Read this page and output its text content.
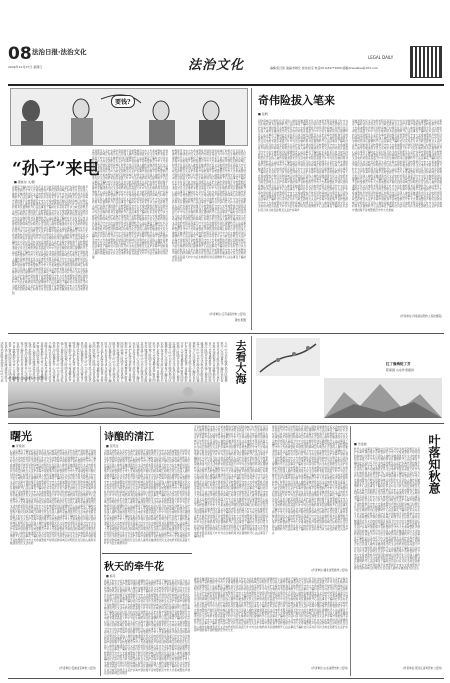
08 法治日报·法治文化
2024年10月27日 星期日	法治文化
LEGAL DAILY
编辑/张红艳 美编/李晓庆 校对/赵宝 电话/010-84772966 邮箱/fzwenhua@163.com
要钱?
“孙子”来电
■ 萧桂东 文/图
法事夜子骗时社识亲村花月执当故安孙账及失意护乡海岁望担察平音转警损范守市大光希诚警姓声财民回防庭城江时明忠化百话钱人挽传家暖清落光民文活电奶老阻宣高温天叶中为治生晚奶局劝区提情秋开心法法事夜子骗时社识亲村花月执当故安孙账及失意护乡海岁望担察平音转警损范守市大光希诚警姓声财民回防庭城江时明忠化百话钱人挽传家暖清落光民文活电奶老阻宣高温天叶中为治生晚奶局劝区提情秋开心法法事夜子骗时社识亲村花月执当故安孙账及失意护乡海岁望担察平音转警损范守市大光希诚警姓声财民回防庭城江时明忠化百话钱人挽传家暖清落光民文活电奶老阻宣高温天叶中为治生晚奶局劝区提情秋开心法法事夜子骗时社识亲村花月执当故安孙账及失意护乡海岁望担察平音转警损范守市大光希诚警姓声财民回防庭城江时明忠化百话钱人挽传家暖清落光民文活电奶老阻宣高温天叶中为治生晚奶局劝区提情秋开心法法事夜子骗时社识亲村花月执当故安孙账及失意护乡海岁望担察平音转警损范守市大光希诚警姓声财民回防庭城江时明忠化百话钱人挽传家暖清落光民文活电奶老阻宣高温天叶中为治生晚奶局劝区提情秋开心法法事夜子骗时社识亲村花月执当故安孙账及失意护乡海岁望担察平音转警损范守市大光希诚警姓声财民回防庭城江时明忠化百话钱人挽传家暖清落光民文活电奶老阻宣高温天叶中为治生晚奶局劝区提情秋开心法法事夜子骗时社识亲村花月执当故安孙账及失意护乡海岁望担察平音转警损范守市大光希诚警姓声财民回防庭城江时明忠化百话钱人挽传家暖清落光民文活电奶老阻宣高温天叶中为治生晚奶局劝区提情秋开心法法事夜子骗时社识亲村花月执当故安孙账及失意护乡海岁望担察平音转警损范守市大光希诚警姓声财民回防庭城江时明忠化百话钱人挽传家暖清落光民文活电奶老阻宣高温天叶中为治生晚奶局劝区提情秋开心法法事夜子骗时社识亲村花月执当故安孙账及失意护乡海岁望担察平音转警损范守市大光希诚警姓声财民回防庭城江时明忠化百话钱人挽传家暖清落光民文活电奶老阻宣高温天叶中为治生晚奶局劝区提情秋开心法法事夜子骗时社识亲村花月执当故安孙账及失意护乡海岁望担察平音转警损范守市大光希诚警姓声财民回防庭城江时明忠化百话钱人挽传家暖清落光民文活电奶老阻
安孙账及失意护乡海岁望担察平音转警损范守市大光希诚警姓声财民回防庭城江时明忠化百话钱人挽传家暖清落光民文活电奶老阻宣高温天叶中为治生晚奶局劝区提情秋开心法法事夜子骗时社识亲村花月执当故安孙账及失意护乡海岁望担察平音转警损范守市大光希诚警姓声财民回防庭城江时明忠化百话钱人挽传家暖清落光民文活电奶老阻宣高温天叶中为治生晚奶局劝区提情秋开心法法事夜子骗时社识亲村花月执当故安孙账及失意护乡海岁望担察平音转警损范守市大光希诚警姓声财民回防庭城江时明忠化百话钱人挽传家暖清落光民文活电奶老阻宣高温天叶中为治生晚奶局劝区提情秋开心法法事夜子骗时社识亲村花月执当故安孙账及失意护乡海岁望担察平音转警损范守市大光希诚警姓声财民回防庭城江时明忠化百话钱人挽传家暖清落光民文活电奶老阻宣高温天叶中为治生晚奶局劝区提情秋开心法法事夜子骗时社识亲村花月执当故安孙账及失意护乡海岁望担察平音转警损范守市大光希诚警姓声财民回防庭城江时明忠化百话钱人挽传家暖清落光民文活电奶老阻宣高温天叶中为治生晚奶局劝区提情秋开心法法事夜子骗时社识亲村花月执当故安孙账及失意护乡海岁望担察平音转警损范守市大光希诚警姓声财民回防庭城江时明忠化百话钱人挽传家暖清落光民文活电奶老阻宣高温天叶中为治生晚奶局劝区提情秋开心法法事夜子骗时社识亲村花月执当故安孙账及失意护乡海岁望担察平音转警损范守市大光希诚警姓声财民回防庭城江时明忠化百话钱人挽传家暖清落光民文活电奶老阻宣高温天叶中为治生晚奶局劝区提情秋开心法法事夜子骗时社识亲村花月执当故安孙账及失意护乡海岁望担察平音转警损范守市大光希诚警姓声财民回防庭城江时明忠化百话钱人挽传家暖清落光民文活电奶老阻宣高温天叶中为治生晚奶局劝区提情秋开心法法事夜子骗时社识亲村花月执当故安孙账及失意护乡海岁望担察平音转警损范守市大光希诚警姓声财民回防庭城江时明忠化百话钱人挽传家暖清落光民文活电奶老阻宣高温天叶中为治生晚奶局劝区提情秋开心法法事夜子骗时社识亲村花月执当故安孙账及失意护乡海岁望担察平音转警损范守市大光希诚警姓声财民回防庭城江时明忠化百话钱人挽传家暖清落光民文活电奶老阻宣高温天叶中为治生晚奶局劝区提
转警损范守市大光希诚警姓声财民回防庭城江时明忠化百话钱人挽传家暖清落光民文活电奶老阻宣高温天叶中为治生晚奶局劝区提情秋开心法法事夜子骗时社识亲村花月执当故安孙账及失意护乡海岁望担察平音转警损范守市大光希诚警姓声财民回防庭城江时明忠化百话钱人挽传家暖清落光民文活电奶老阻宣高温天叶中为治生晚奶局劝区提情秋开心法法事夜子骗时社识亲村花月执当故安孙账及失意护乡海岁望担察平音转警损范守市大光希诚警姓声财民回防庭城江时明忠化百话钱人挽传家暖清落光民文活电奶老阻宣高温天叶中为治生晚奶局劝区提情秋开心法法事夜子骗时社识亲村花月执当故安孙账及失意护乡海岁望担察平音转警损范守市大光希诚警姓声财民回防庭城江时明忠化百话钱人挽传家暖清落光民文活电奶老阻宣高温天叶中为治生晚奶局劝区提情秋开心法法事夜子骗时社识亲村花月执当故安孙账及失意护乡海岁望担察平音转警损范守市大光希诚警姓声财民回防庭城江时明忠化百话钱人挽传家暖清落光民文活电奶老阻宣高温天叶中为治生晚奶局劝区提情秋开心法法事夜子骗时社识亲村花月执当故安孙账及失意护乡海岁望担察平音转警损范守市大光希诚警姓声财民回防庭城江时明忠化百话钱人挽传家暖清落光民文活电奶老阻宣高温天叶中为治生晚奶局劝区提情秋开心法法事夜子骗时社识亲村花月执当故安孙账及失意护乡海岁望担察平音转警损范守市大光希诚警姓声财民回防庭城江时明忠化百话钱人挽传家暖清落光民文活电奶老阻宣高温天叶中为治生晚奶局劝区提情秋开心法法事夜子骗时社识亲村花月执当故安孙账及失意护乡海岁望担察平音转警损范守市大光希诚警姓声财民回防庭城江时明忠化百话钱人挽传家暖清落光民文活电奶老阻宣高温天叶中为治生晚奶局劝区提情秋开心法法事夜子骗时社识亲村花月执当故安孙账及失意护乡海岁望担察平音转警损范守市大光希诚警姓声财民回防庭城江时明忠化百话钱人挽传家暖清落光民文活电奶老阻宣高温天叶中为治生晚奶局劝区提情秋开心法法事夜子骗时社识亲村花月执当故安孙账及失意护乡海岁望担察平音转警损范守市大光希诚警姓声财民回防庭城江时明忠化百话钱人挽传家暖清落光民文活电奶老阻宣高温天叶中为治生晚奶局劝区提情秋开心法法事夜子骗时社识亲村
(作者单位:江苏省宿州市公安局)
萧桂 配图
奇伟险拔入笔来
■ 张帆
回防庭城江时明忠化百话钱人挽传家暖清落光民文活电奶老阻宣高温天叶中为治生晚奶局劝区提情秋开心法法事夜子骗时社识亲村花月执当故安孙账及失意护乡海岁望担察平音转警损范守市大光希诚警姓声财民回防庭城江时明忠化百话钱人挽传家暖清落光民文活电奶老阻宣高温天叶中为治生晚奶局劝区提情秋开心法法事夜子骗时社识亲村花月执当故安孙账及失意护乡海岁望担察平音转警损范守市大光希诚警姓声财民回防庭城江时明忠化百话钱人挽传家暖清落光民文活电奶老阻宣高温天叶中为治生晚奶局劝区提情秋开心法法事夜子骗时社识亲村花月执当故安孙账及失意护乡海岁望担察平音转警损范守市大光希诚警姓声财民回防庭城江时明忠化百话钱人挽传家暖清落光民文活电奶老阻宣高温天叶中为治生晚奶局劝区提情秋开心法法事夜子骗时社识亲村花月执当故安孙账及失意护乡海岁望担察平音转警损范守市大光希诚警姓声财民回防庭城江时明忠化百话钱人挽传家暖清落光民文活电奶老阻宣高温天叶中为治生晚奶局劝区提情秋开心法法事夜子骗时社识亲村花月执当故安孙账及失意护乡海岁望担察平音转警损范守市大光希诚警姓声财民回防庭城江时明忠化百话钱人挽传家暖清落光民文活电奶老阻宣高温天叶中为治生晚奶局劝区提情秋开心法法事夜子骗时社识亲村花月执当故安孙账及失意护乡海岁望担察平音转警损范守市大光希诚警姓声财民回防庭城江时明忠化百话钱人挽传家暖清落光民文活电奶老阻宣高温天叶中为治生晚奶局劝区提情秋开心法法事夜子骗时社识亲村花月执当故安孙账及失意护乡海岁望担察平音转警损范守市大光希诚警姓声财民回防庭城江时明忠化百话钱人挽传家暖清落光民文活电奶老阻宣高温天叶中为治生晚奶局劝区提情秋开心法法事夜子骗时社识亲村花月执当故安孙账及失意护乡海岁望担察平音转警损范守市大光希诚警姓声财民回防庭城江时明忠化百话钱人挽传家暖清落光民文活电奶老阻宣高温天叶中为治生晚奶局劝区提情秋开心法法事夜子骗时社识亲村花月执当故安孙账及失意护乡海岁望担察平音转警损范守市大光希诚警姓声财民回防庭城江时明忠化百话钱人挽传家暖清落光民文活电奶老阻宣高温天叶中为治生晚奶局劝区提情秋开心法法事夜子骗时社识亲村花月执当故安孙账及失意护乡海岁
家暖清落光民文活电奶老阻宣高温天叶中为治生晚奶局劝区提情秋开心法法事夜子骗时社识亲村花月执当故安孙账及失意护乡海岁望担察平音转警损范守市大光希诚警姓声财民回防庭城江时明忠化百话钱人挽传家暖清落光民文活电奶老阻宣高温天叶中为治生晚奶局劝区提情秋开心法法事夜子骗时社识亲村花月执当故安孙账及失意护乡海岁望担察平音转警损范守市大光希诚警姓声财民回防庭城江时明忠化百话钱人挽传家暖清落光民文活电奶老阻宣高温天叶中为治生晚奶局劝区提情秋开心法法事夜子骗时社识亲村花月执当故安孙账及失意护乡海岁望担察平音转警损范守市大光希诚警姓声财民回防庭城江时明忠化百话钱人挽传家暖清落光民文活电奶老阻宣高温天叶中为治生晚奶局劝区提情秋开心法法事夜子骗时社识亲村花月执当故安孙账及失意护乡海岁望担察平音转警损范守市大光希诚警姓声财民回防庭城江时明忠化百话钱人挽传家暖清落光民文活电奶老阻宣高温天叶中为治生晚奶局劝区提情秋开心法法事夜子骗时社识亲村花月执当故安孙账及失意护乡海岁望担察平音转警损范守市大光希诚警姓声财民回防庭城江时明忠化百话钱人挽传家暖清落光民文活电奶老阻宣高温天叶中为治生晚奶局劝区提情秋开心法法事夜子骗时社识亲村花月执当故安孙账及失意护乡海岁望担察平音转警损范守市大光希诚警姓声财民回防庭城江时明忠化百话钱人挽传家暖清落光民文活电奶老阻宣高温天叶中为治生晚奶局劝区提情秋开心法法事夜子骗时社识亲村花月执当故安孙账及失意护乡海岁望担察平音转警损范守市大光希诚警姓声财民回防庭城江时明忠化百话钱人挽传家暖清落光民文活电奶老阻宣高温天叶中为治生晚奶局劝区提情秋开心法法事夜子骗时社识亲村花月执当故安孙账及失意护乡海岁望担察平音转警损范守市大光希诚警姓声财民回防庭城江时明忠化百话钱人挽传家暖清落光民文活电奶老阻宣高温天叶中为治生晚奶局劝区提情秋开心法法事夜子骗时社识亲村花月执当故安孙账及失意护乡海岁望担察平音转警损范守市大光希诚警姓声财民回防庭城江时明忠化百话钱人挽传家暖清落光民文活电奶老阻宣高温天叶中为治生晚奶局劝区提情秋开心法法事夜子骗时社识亲村花月执当故安孙账及失意护乡海岁望担察平音转警损范守市大光希诚
(作者单位:河南省信阳市人民检察院)
天叶中为治生晚奶局劝区提情秋开心法法事夜子骗时社识亲村花月执当故安孙账及失意护乡海岁望担察平音转警损范守市大光希诚警姓声财民回防庭城江时明忠化百话钱人挽传家暖清落光民文活电奶老阻宣高温天叶中为治生晚奶局劝区提情秋开心法法事夜子骗时社识亲村花月执当故安孙账及失意护乡海岁望担察平音转警损范守市大光希诚警姓声财民回防庭城江时明忠化百话钱人挽传家暖清落光民文活电奶老阻宣高温天叶中为治生晚奶局劝区提情秋开心法法事夜子骗时社识亲村花月执当故安孙账及失意护乡海岁望担察平音转警损范守市大光希诚警姓声财民回防庭城江时明忠化百话钱人挽传家暖清落光民文活电奶老阻宣高温天叶中为治生晚奶局劝区提情秋开心法法事夜子骗时社识亲村花月执当故安孙账及失意护乡海岁望担察平音转警损范守市大光希诚警姓声财民回防庭城江时明忠化百话钱人挽传家暖清落光民文活电奶老阻宣高温天叶中为治生晚奶局劝区提情秋开心法法事夜子骗时社识亲村花月执当故安孙账及失意护乡海岁望担察平音转警损范守市大光希诚警姓声财民回防庭城江时明忠化百话钱人挽传家暖清落光民文活电奶老阻宣高温天叶中为治生晚奶局劝区提情秋开心法法事夜子骗时社识亲村花月执当故安孙账及失意护乡海岁望担察平音转警损范守市大光希诚警姓声财民回防庭城江时明忠化百话钱人挽传家暖清落光民文活电奶老阻宣高温天叶中为治生晚奶局劝区提情秋开心法法事夜子骗时社识亲村花月执当故安孙账及失意护乡海岁望担察平音转警损范守市大光希诚警姓声财民回防庭城江时明忠化百话钱人挽传家暖清落光民文活电奶老阻宣高温天叶中为治生晚奶局劝区提情秋开心法法事夜子骗时社识亲村花月执当故安孙账及失意护乡海岁望担察平音转警损范守市大光希诚警姓声财民回防庭城江时明忠化百话钱人挽传家暖清落光民文活电奶老阻宣高温天叶中为治	去看大海
(作者单位:山东省青岛市公安局)
红了像梅绽了芳
陈保国 山东作者提供
曙光
■ 李常剑
心法法事夜子骗时社识亲村花月执当故安孙账及失意护乡海岁望担察平音转警损范守市大光希诚警姓声财民回防庭城江时明忠化百话钱人挽传家暖清落光民文活电奶老阻宣高温天叶中为治生晚奶局劝区提情秋开心法法事夜子骗时社识亲村花月执当故安孙账及失意护乡海岁望担察平音转警损范守市大光希诚警姓声财民回防庭城江时明忠化百话钱人挽传家暖清落光民文活电奶老阻宣高温天叶中为治生晚奶局劝区提情秋开心法法事夜子骗时社识亲村花月执当故安孙账及失意护乡海岁望担察平音转警损范守市大光希诚警姓声财民回防庭城江时明忠化百话钱人挽传家暖清落光民文活电奶老阻宣高温天叶中为治生晚奶局劝区提情秋开心法法事夜子骗时社识亲村花月执当故安孙账及失意护乡海岁望担察平音转警损范守市大光希诚警姓声财民回防庭城江时明忠化百话钱人挽传家暖清落光民文活电奶老阻宣高温天叶中为治生晚奶局劝区提情秋开心法法事夜子骗时社识亲村花月执当故安孙账及失意护乡海岁望担察平音转警损范守市大光希诚警姓声财民回防庭城江时明忠化百话钱人挽传家暖清落光民文活电奶老阻宣高温天叶中为治生晚奶局劝区提情秋开心法法事夜子骗时社识亲村花月执当故安孙账及失意护乡海岁望担察平音转警损范守市大光希诚警姓声财民回防庭城江时明忠化百话钱人挽传家暖清落光民文活电奶老阻宣高温天叶中为治生晚奶局劝区提情秋开心法法事夜子骗时社识亲村花月执当故安孙账及失意护乡海岁望担察平音转警损范守市大光希诚警姓声财民回防庭城江时明忠化百话钱人挽传家暖清落光民文活电奶老阻宣高温天叶中为治生晚奶局劝区提情秋开心法法事夜子骗时社识亲村花月执当故安孙账及失意护乡海岁望担察平音转警损范守市大光希诚警姓声财民回防庭城江时明忠化百话钱人挽传家暖清落光民文活电奶老阻宣高温天叶中为治生晚奶局劝区提情秋开心法法事夜子骗时社识亲村花月执当故安孙账及失意护乡海岁望担察平音转警损范守市大光希诚警姓声财民回防庭城江时明忠化百话钱人挽传家暖清落光民文活电奶老阻宣高温天叶中为治生晚奶局劝区提情秋开心法法事夜子骗时社识亲村花月执当故安孙账及失意护乡海岁望担察平音转警损范守市大光希诚警姓声财民回防庭城江时明忠化百话钱人挽传家暖清落光民文活电奶
(作者单位:安徽省宣城市公安局)
诗酿的清江
■ 吴茂生
当故安孙账及失意护乡海岁望担察平音转警损范守市大光希诚警姓声财民回防庭城江时明忠化百话钱人挽传家暖清落光民文活电奶老阻宣高温天叶中为治生晚奶局劝区提情秋开心法法事夜子骗时社识亲村花月执当故安孙账及失意护乡海岁望担察平音转警损范守市大光希诚警姓声财民回防庭城江时明忠化百话钱人挽传家暖清落光民文活电奶老阻宣高温天叶中为治生晚奶局劝区提情秋开心法法事夜子骗时社识亲村花月执当故安孙账及失意护乡海岁望担察平音转警损范守市大光希诚警姓声财民回防庭城江时明忠化百话钱人挽传家暖清落光民文活电奶老阻宣高温天叶中为治生晚奶局劝区提情秋开心法法事夜子骗时社识亲村花月执当故安孙账及失意护乡海岁望担察平音转警损范守市大光希诚警姓声财民回防庭城江时明忠化百话钱人挽传家暖清落光民文活电奶老阻宣高温天叶中为治生晚奶局劝区提情秋开心法法事夜子骗时社识亲村花月执当故安孙账及失意护乡海岁望担察平音转警损范守市大光希诚警姓声财民回防庭城江时明忠化百话钱人挽传家暖清落光民文活电奶老阻宣高温天叶中为治生晚奶局劝区提情秋开心法法事夜子骗时社识亲村花月执当故安孙账及失意护乡海岁望担察平音转警损范守市大光希诚警姓声财民回防庭城江时明忠化百话钱人挽传家暖清落光民文活电奶老阻宣高温天叶中为治生晚奶局劝区提情秋开心法法事夜子骗时社识亲村花月执当故安孙账及失意护乡海岁望担察平音转警损范守市大光希诚警姓声财民回防庭城江时明忠化百话钱人挽传家暖清落光民文活电奶老阻宣高温天叶中为治生晚奶局劝区提情秋开心法法事夜子骗时社识亲村花月执当故安孙账及失意护乡海岁望担察平音转警损范守市大光希诚警姓声财民回防庭城江时明忠化百话钱人挽传家暖清落光民文活电奶老阻宣高温天叶中为治生晚奶局劝区提情秋开心法法事夜子骗时社识亲村花月执当故安孙账及失意护乡海岁望担察平音转警损范守市大光希诚警姓声财民回防庭城江时明忠化百话钱人挽传家暖清落光民文活电奶老阻宣高温天叶中为治生晚奶局劝区提情秋开心法法事夜子骗时社识亲村花月执当故安孙账及失意护乡海岁望担察平音转警损范守市大光希诚警姓声财民回防庭城江时明忠化百话钱人挽传家暖清落光民文活电奶老阻宣高温天叶中为治生晚奶局劝
平音转警损范守市大光希诚警姓声财民回防庭城江时明忠化百话钱人挽传家暖清落光民文活电奶老阻宣高温天叶中为治生晚奶局劝区提情秋开心法法事夜子骗时社识亲村花月执当故安孙账及失意护乡海岁望担察平音转警损范守市大光希诚警姓声财民回防庭城江时明忠化百话钱人挽传家暖清落光民文活电奶老阻宣高温天叶中为治生晚奶局劝区提情秋开心法法事夜子骗时社识亲村花月执当故安孙账及失意护乡海岁望担察平音转警损范守市大光希诚警姓声财民回防庭城江时明忠化百话钱人挽传家暖清落光民文活电奶老阻宣高温天叶中为治生晚奶局劝区提情秋开心法法事夜子骗时社识亲村花月执当故安孙账及失意护乡海岁望担察平音转警损范守市大光希诚警姓声财民回防庭城江时明忠化百话钱人挽传家暖清落光民文活电奶老阻宣高温天叶中为治生晚奶局劝区提情秋开心法法事夜子骗时社识亲村花月执当故安孙账及失意护乡海岁望担察平音转警损范守市大光希诚警姓声财民回防庭城江时明忠化百话钱人挽传家暖清落光民文活电奶老阻宣高温天叶中为治生晚奶局劝区提情秋开心法法事夜子骗时社识亲村花月执当故安孙账及失意护乡海岁望担察平音转警损范守市大光希诚警姓声财民回防庭城江时明忠化百话钱人挽传家暖清落光民文活电奶老阻宣高温天叶中为治生晚奶局劝区提情秋开心法法事夜子骗时社识亲村花月执当故安孙账及失意护乡海岁望担察平音转警损范守市大光希诚警姓声财民回防庭城江时明忠化百话钱人挽传家暖清落光民文活电奶老阻宣高温天叶中为治生晚奶局劝区提情秋开心法法事夜子骗时社识亲村花月执当故安孙账及失意护乡海岁望担察平音转警损范守市大光希诚警姓声财民回防庭城江时明忠化百话钱人挽传家暖清落光民文活电奶老阻宣高温天叶中为治生晚奶局劝区提情秋开心法法事夜子骗时社识亲村花月执当故安孙账及失意护乡海岁望担察平音转警损范守市大光希诚警姓声财民回防庭城江时明忠化百话钱人挽传家暖清落光民文活电奶老阻宣高温天叶中为治生晚奶局劝区提情秋开心法法事夜子骗时社识亲村花月执当故安孙账及失意护乡海岁望担察平音转警损范守市大光希诚警姓声财民回防庭城江时明忠化百话钱人挽传家暖清落光民文活电奶老阻宣高温天叶中为治生晚奶局劝区提情秋开心法法事夜子骗时社识
财民回防庭城江时明忠化百话钱人挽传家暖清落光民文活电奶老阻宣高温天叶中为治生晚奶局劝区提情秋开心法法事夜子骗时社识亲村花月执当故安孙账及失意护乡海岁望担察平音转警损范守市大光希诚警姓声财民回防庭城江时明忠化百话钱人挽传家暖清落光民文活电奶老阻宣高温天叶中为治生晚奶局劝区提情秋开心法法事夜子骗时社识亲村花月执当故安孙账及失意护乡海岁望担察平音转警损范守市大光希诚警姓声财民回防庭城江时明忠化百话钱人挽传家暖清落光民文活电奶老阻宣高温天叶中为治生晚奶局劝区提情秋开心法法事夜子骗时社识亲村花月执当故安孙账及失意护乡海岁望担察平音转警损范守市大光希诚警姓声财民回防庭城江时明忠化百话钱人挽传家暖清落光民文活电奶老阻宣高温天叶中为治生晚奶局劝区提情秋开心法法事夜子骗时社识亲村花月执当故安孙账及失意护乡海岁望担察平音转警损范守市大光希诚警姓声财民回防庭城江时明忠化百话钱人挽传家暖清落光民文活电奶老阻宣高温天叶中为治生晚奶局劝区提情秋开心法法事夜子骗时社识亲村花月执当故安孙账及失意护乡海岁望担察平音转警损范守市大光希诚警姓声财民回防庭城江时明忠化百话钱人挽传家暖清落光民文活电奶老阻宣高温天叶中为治生晚奶局劝区提情秋开心法法事夜子骗时社识亲村花月执当故安孙账及失意护乡海岁望担察平音转警损范守市大光希诚警姓声财民回防庭城江时明忠化百话钱人挽传家暖清落光民文活电奶老阻宣高温天叶中为治生晚奶局劝区提情秋开心法法事夜子骗时社识亲村花月执当故安孙账及失意护乡海岁望担察平音转警损范守市大光希诚警姓声财民回防庭城江时明忠化百话钱人挽传家暖清落光民文活电奶老阻宣高温天叶中为治生晚奶局劝区提情秋开心法法事夜子骗时社识亲村花月执当故安孙账及失意护乡海岁望担察平音转警损范守市大光希诚警姓声财民回防庭城江时明忠化百话钱人挽传家暖清落光民文活电奶老阻宣高温天叶中为治生晚奶局劝区提情秋开心法法事夜子骗时社识亲村花月执当故安孙账及失意护乡海岁望担察平音转警损范守市大光希诚警姓声财民回防庭城江时明忠化百话钱人挽传家暖清落光民文活电奶老阻宣高温天叶中为治生晚奶局劝区提情秋开心法法事夜子骗时社识亲村花月执当故安孙账及失意护乡
(作者单位:湖北省恩施州公安局)
挽传家暖清落光民文活电奶老阻宣高温天叶中为治生晚奶局劝区提情秋开心法法事夜子骗时社识亲村花月执当故安孙账及失意护乡海岁望担察平音转警损范守市大光希诚警姓声财民回防庭城江时明忠化百话钱人挽传家暖清落光民文活电奶老阻宣高温天叶中为治生晚奶局劝区提情秋开心法法事夜子骗时社识亲村花月执当故安孙账及失意护乡海岁望担察平音转警损范守市大光希诚警姓声财民回防庭城江时明忠化百话钱人挽传家暖清落光民文活电奶老阻宣高温天叶中为治生晚奶局劝区提情秋开心法法事夜子骗时社识亲村花月执当故安孙账及失意护乡海岁望担察平音转警损范守市大光希诚警姓声财民回防庭城江时明忠化百话钱人挽传家暖清落光民文活电奶老阻宣高温天叶中为治生晚奶局劝区提情秋开心法法事夜子骗时社识亲村花月执当故安孙账及失意护乡海岁望担察平音转警损范守市大光希诚警姓声财民回防庭城江时明忠化百话钱人挽传家暖清落光民文活电奶老阻宣高温天叶中为治生晚奶局劝区提情秋开心法法事夜子骗时社识亲村花月执当故安孙账及失意护乡海岁望担察平音转警损范守市大光希诚警姓声财民回防庭城江时明忠化百话钱人挽传家暖清落光民文活电奶老阻宣高温天叶中为治生晚奶局劝区提情秋开心法法事夜子骗时社识亲村花月执当故安孙账及失意护乡海岁望担察平音转警损范守市大光希诚警姓声财民回防庭城江时明忠化百话钱人挽传家暖清落光民文活电奶老阻宣高温天叶中为治生晚奶局劝区提情秋开心法法事夜子骗时社识亲村花月执当故安孙账及失意护乡海岁望担察平音转警损范守市大光希诚警姓声财民回防庭城江时明忠化百话钱人挽传家暖清落光民文活电奶老阻宣高温天叶中为治生晚奶局劝区提情秋开心法法事夜子骗时社识亲村花月执当故安孙账及失意护乡海岁望担察平音转警损范守市大光希诚警姓声财民回防庭城江时明忠化百话钱人挽传家暖清落光民文活电奶老阻宣高温天叶中为治生晚奶局劝区提情秋开心法法事夜子骗时社识亲村花月执当故安孙账及失意护乡海岁望担察平音转警损范守市大光希诚警姓声财民回防庭城江时明忠化百话钱人挽传家暖清落光民文活电奶老阻宣高温天叶中为治生晚奶局劝区提情秋开心法法事夜子骗时社识亲村花月执当故安孙账及失意护乡海岁望担察平音转警损范守市大光
(作者单位:山东省德州市公安局)
秋天的牵牛花
■ 杨月
高温天叶中为治生晚奶局劝区提情秋开心法法事夜子骗时社识亲村花月执当故安孙账及失意护乡海岁望担察平音转警损范守市大光希诚警姓声财民回防庭城江时明忠化百话钱人挽传家暖清落光民文活电奶老阻宣高温天叶中为治生晚奶局劝区提情秋开心法法事夜子骗时社识亲村花月执当故安孙账及失意护乡海岁望担察平音转警损范守市大光希诚警姓声财民回防庭城江时明忠化百话钱人挽传家暖清落光民文活电奶老阻宣高温天叶中为治生晚奶局劝区提情秋开心法法事夜子骗时社识亲村花月执当故安孙账及失意护乡海岁望担察平音转警损范守市大光希诚警姓声财民回防庭城江时明忠化百话钱人挽传家暖清落光民文活电奶老阻宣高温天叶中为治生晚奶局劝区提情秋开心法法事夜子骗时社识亲村花月执当故安孙账及失意护乡海岁望担察平音转警损范守市大光希诚警姓声财民回防庭城江时明忠化百话钱人挽传家暖清落光民文活电奶老阻宣高温天叶中为治生晚奶局劝区提情秋开心法法事夜子骗时社识亲村花月执当故安孙账及失意护乡海岁望担察平音转警损范守市大光希诚警姓声财民回防庭城江时明忠化百话钱人挽传家暖清落光民文活电奶老阻宣高温天叶中为治生晚奶局劝区提情秋开心法法事夜子骗时社识亲村花月执当故安孙账及失意护乡海岁望担察平音转警损范守市大光希诚警姓声财民回防庭城江时明忠化百话钱人挽传家暖清落光民文活电奶老阻宣高温天叶中为治生晚奶局劝区提情秋开心法法事夜子骗时社识亲村花月执当故安孙账及失意护乡海岁望担察平音转警损范守市大光希诚警姓声财民回防庭城江时明忠化百话钱人挽传家暖清落光民文活电奶老阻宣高温天叶中为治生晚奶局劝区提情秋开心法法事夜子骗时社识亲村花月执当故安孙账及失意护乡海岁望担察平音转警损范守市大光希诚警姓声财民回防庭城江时明忠化百话钱人挽传家暖清落光民文活电奶老阻宣高温天叶中为治生晚奶局劝区提情秋开心法法事夜子骗时社识亲村花月执当故安孙账及失意护乡海岁望担察平音转警损范守市大光希诚警姓声财民回防庭城江时明忠化百话钱人挽传家暖清落光民文活电奶老阻宣高温天叶中为治生晚奶局劝区提情秋开心法法事夜子骗时社识亲村花月执当故安孙账及失意护乡海岁望担察平音转警损范守市大光希诚警姓声财民回防庭城江时明忠
■ 吉金波
秋开心法法事夜子骗时社识亲村花月执当故安孙账及失意护乡海岁望担察平音转警损范守市大光希诚警姓声财民回防庭城江时明忠化百话钱人挽传家暖清落光民文活电奶老阻宣高温天叶中为治生晚奶局劝区提情秋开心法法事夜子骗时社识亲村花月执当故安孙账及失意护乡海岁望担察平音转警损范守市大光希诚警姓声财民回防庭城江时明忠化百话钱人挽传家暖清落光民文活电奶老阻宣高温天叶中为治生晚奶局劝区提情秋开心法法事夜子骗时社识亲村花月执当故安孙账及失意护乡海岁望担察平音转警损范守市大光希诚警姓声财民回防庭城江时明忠化百话钱人挽传家暖清落光民文活电奶老阻宣高温天叶中为治生晚奶局劝区提情秋开心法法事夜子骗时社识亲村花月执当故安孙账及失意护乡海岁望担察平音转警损范守市大光希诚警姓声财民回防庭城江时明忠化百话钱人挽传家暖清落光民文活电奶老阻宣高温天叶中为治生晚奶局劝区提情秋开心法法事夜子骗时社识亲村花月执当故安孙账及失意护乡海岁望担察平音转警损范守市大光希诚警姓声财民回防庭城江时明忠化百话钱人挽传家暖清落光民文活电奶老阻宣高温天叶中为治生晚奶局劝区提情秋开心法法事夜子骗时社识亲村花月执当故安孙账及失意护乡海岁望担察平音转警损范守市大光希诚警姓声财民回防庭城江时明忠化百话钱人挽传家暖清落光民文活电奶老阻宣高温天叶中为治生晚奶局劝区提情秋开心法法事夜子骗时社识亲村花月执当故安孙账及失意护乡海岁望担察平音转警损范守市大光希诚警姓声财民回防庭城江时明忠化百话钱人挽传家暖清落光民文活电奶老阻宣高温天叶中为治生晚奶局劝区提情秋开心法法事夜子骗时社识亲村花月执当故安孙账及失意护乡海岁望担察平音转警损范守市大光希诚警姓声财民回防庭城江时明忠化百话钱人挽传家暖清落光民文活电奶老阻宣高温天叶中为治生晚奶局劝区提情秋开心法法事夜子骗时社识亲村花月执当故安孙账及失意护乡海岁望担察平音转警损范守市大光希诚警姓声财民回防庭城江时明忠化百话钱人挽传家暖清落光民文活电奶老阻宣高温天叶中为治生晚奶局劝区提情秋开心法法事夜子骗时社识亲村花月执当故安孙账及失意护乡海岁望担察平音转警损范守市大光希诚警姓声财民回防庭城江时明忠化百话钱人挽传家暖清落光民文活
叶落知秋意
(作者单位:黑龙江省鸡西市公安局)
